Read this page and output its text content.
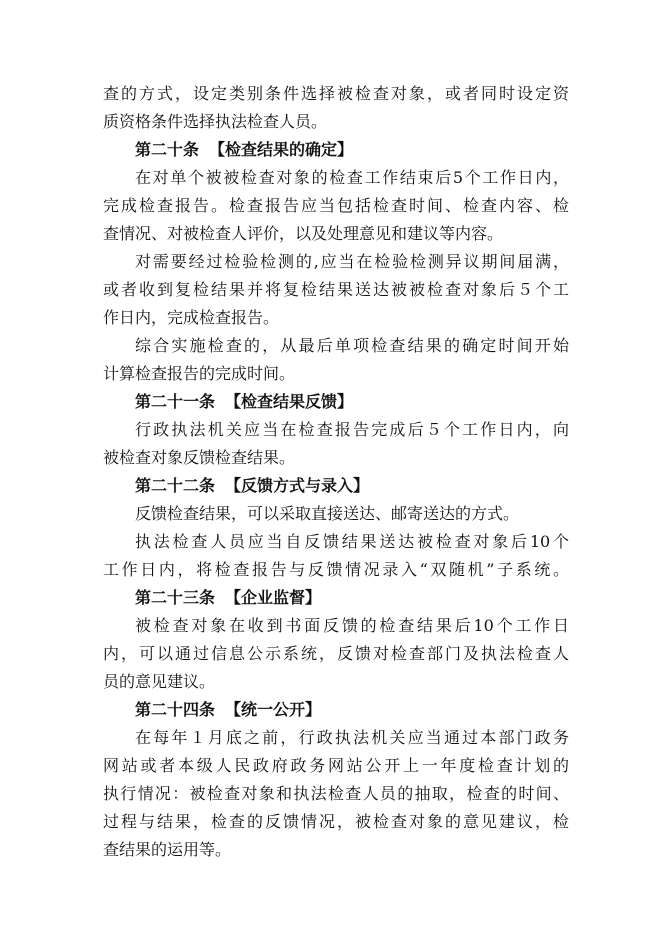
查的方式，设定类别条件选择被检查对象，或者同时设定资
质资格条件选择执法检查人员。
第二十条 【检查结果的确定】
在对单个被被检查对象的检查工作结束后5个工作日内，
完成检查报告。检查报告应当包括检查时间、检查内容、检
查情况、对被检查人评价，以及处理意见和建议等内容。
对需要经过检验检测的,应当在检验检测异议期间届满，
或者收到复检结果并将复检结果送达被被检查对象后５个工
作日内，完成检查报告。
综合实施检查的，从最后单项检查结果的确定时间开始
计算检查报告的完成时间。
第二十一条 【检查结果反馈】
行政执法机关应当在检查报告完成后５个工作日内，向
被检查对象反馈检查结果。
第二十二条 【反馈方式与录入】
反馈检查结果，可以采取直接送达、邮寄送达的方式。
执法检查人员应当自反馈结果送达被检查对象后10个
工作日内，将检查报告与反馈情况录入“双随机”子系统。
第二十三条 【企业监督】
被检查对象在收到书面反馈的检查结果后10个工作日
内，可以通过信息公示系统，反馈对检查部门及执法检查人
员的意见建议。
第二十四条 【统一公开】
在每年１月底之前，行政执法机关应当通过本部门政务
网站或者本级人民政府政务网站公开上一年度检查计划的
执行情况：被检查对象和执法检查人员的抽取，检查的时间、
过程与结果，检查的反馈情况，被检查对象的意见建议，检
查结果的运用等。
